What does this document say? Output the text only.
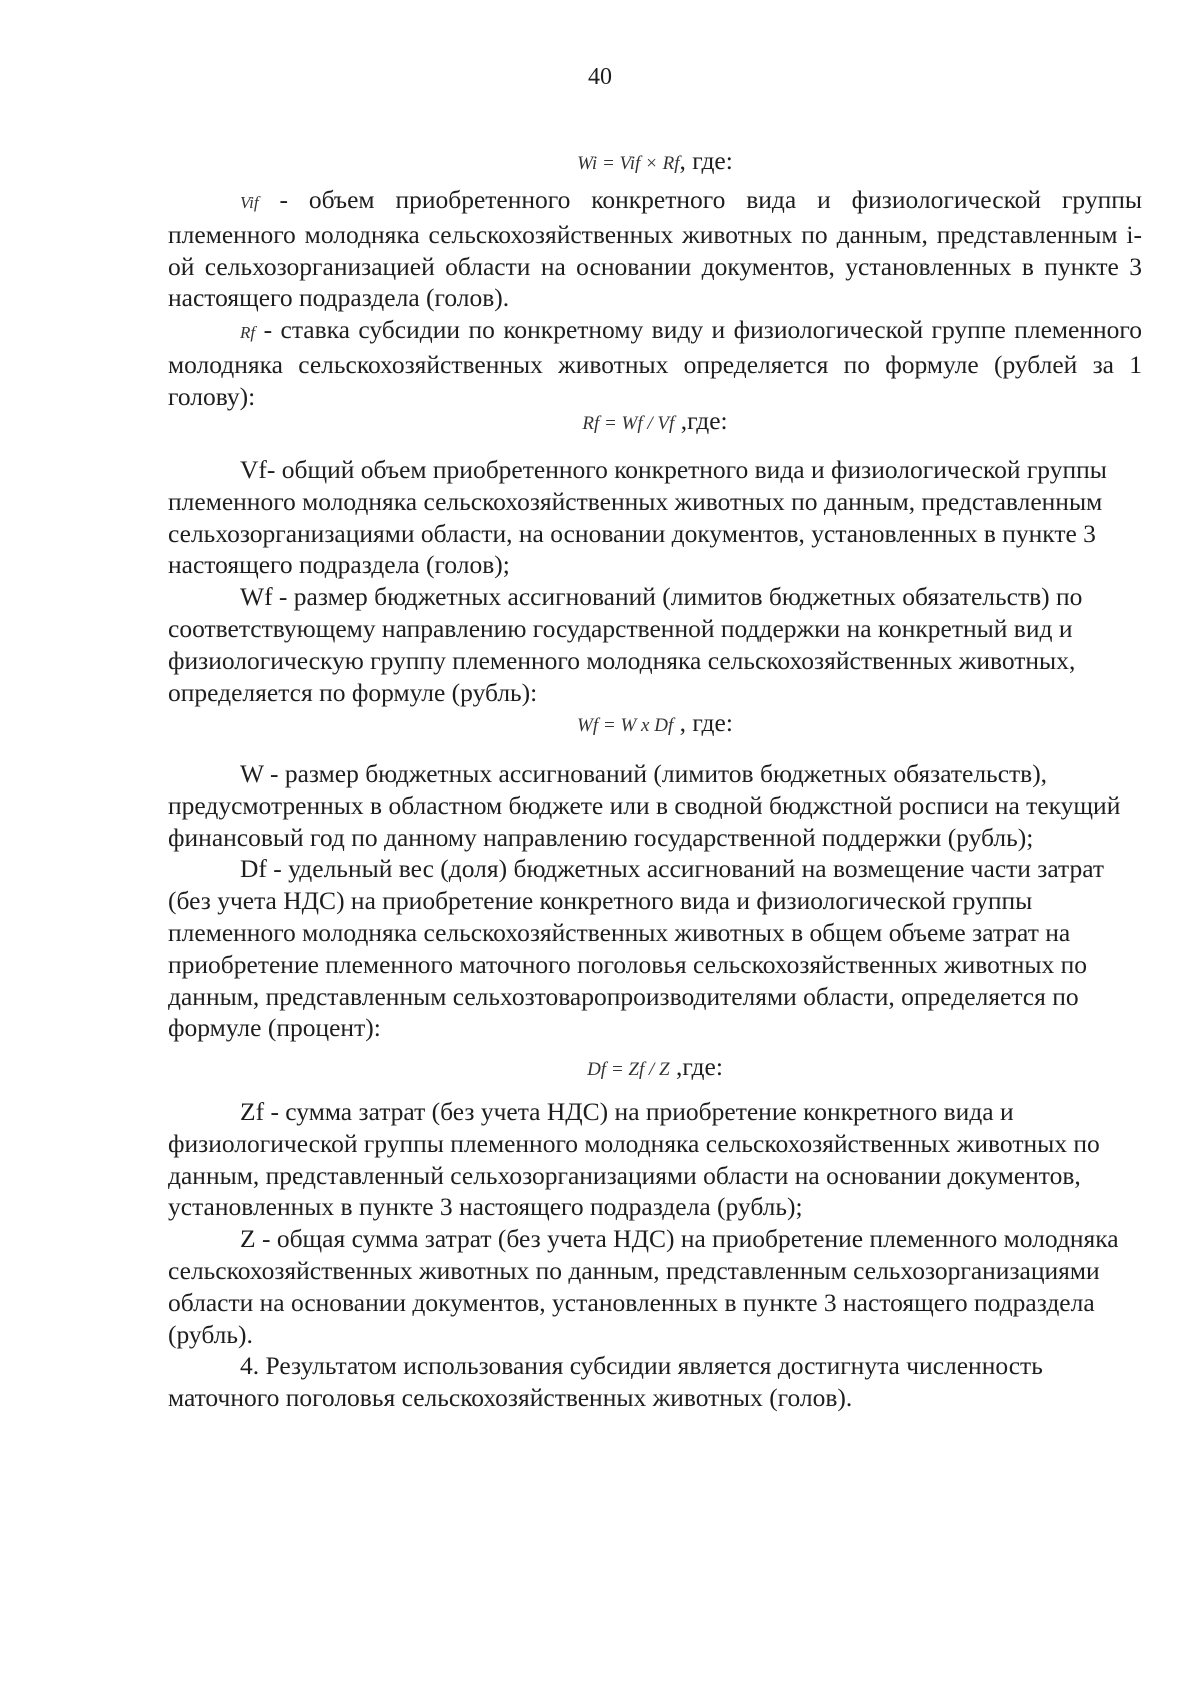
40
Wi = Vif × Rf, где:

Vif - объем приобретенного конкретного вида и физиологической группы племенного молодняка сельскохозяйственных животных по данным, представленным i-ой сельхозорганизацией области на основании документов, установленных в пункте 3 настоящего подраздела (голов).

Rf - ставка субсидии по конкретному виду и физиологической группе племенного молодняка сельскохозяйственных животных определяется по формуле (рублей за 1 голову):

Rf = Wf / Vf ,где:

Vf- общий объем приобретенного конкретного вида и физиологической группы племенного молодняка сельскохозяйственных животных по данным, представленным сельхозорганизациями области, на основании документов, установленных в пункте 3 настоящего подраздела (голов);

Wf - размер бюджетных ассигнований (лимитов бюджетных обязательств) по соответствующему направлению государственной поддержки на конкретный вид и физиологическую группу племенного молодняка сельскохозяйственных животных, определяется по формуле (рубль):

Wf = W x Df , где:

W - размер бюджетных ассигнований (лимитов бюджетных обязательств), предусмотренных в областном бюджете или в сводной бюджстной росписи на текущий финансовый год по данному направлению государственной поддержки (рубль);

Df - удельный вес (доля) бюджетных ассигнований на возмещение части затрат (без учета НДС) на приобретение конкретного вида и физиологической группы племенного молодняка сельскохозяйственных животных в общем объеме затрат на приобретение племенного маточного поголовья сельскохозяйственных животных по данным, представленным сельхозтоваропроизводителями области, определяется по формуле (процент):

Df = Zf / Z ,где:

Zf - сумма затрат (без учета НДС) на приобретение конкретного вида и физиологической группы племенного молодняка сельскохозяйственных животных по данным, представленный сельхозорганизациями области на основании документов, установленных в пункте 3 настоящего подраздела (рубль);

Z - общая сумма затрат (без учета НДС) на приобретение племенного молодняка сельскохозяйственных животных по данным, представленным сельхозорганизациями области на основании документов, установленных в пункте 3 настоящего подраздела (рубль).

4. Результатом использования субсидии является достигнута численность маточного поголовья сельскохозяйственных животных (голов).
